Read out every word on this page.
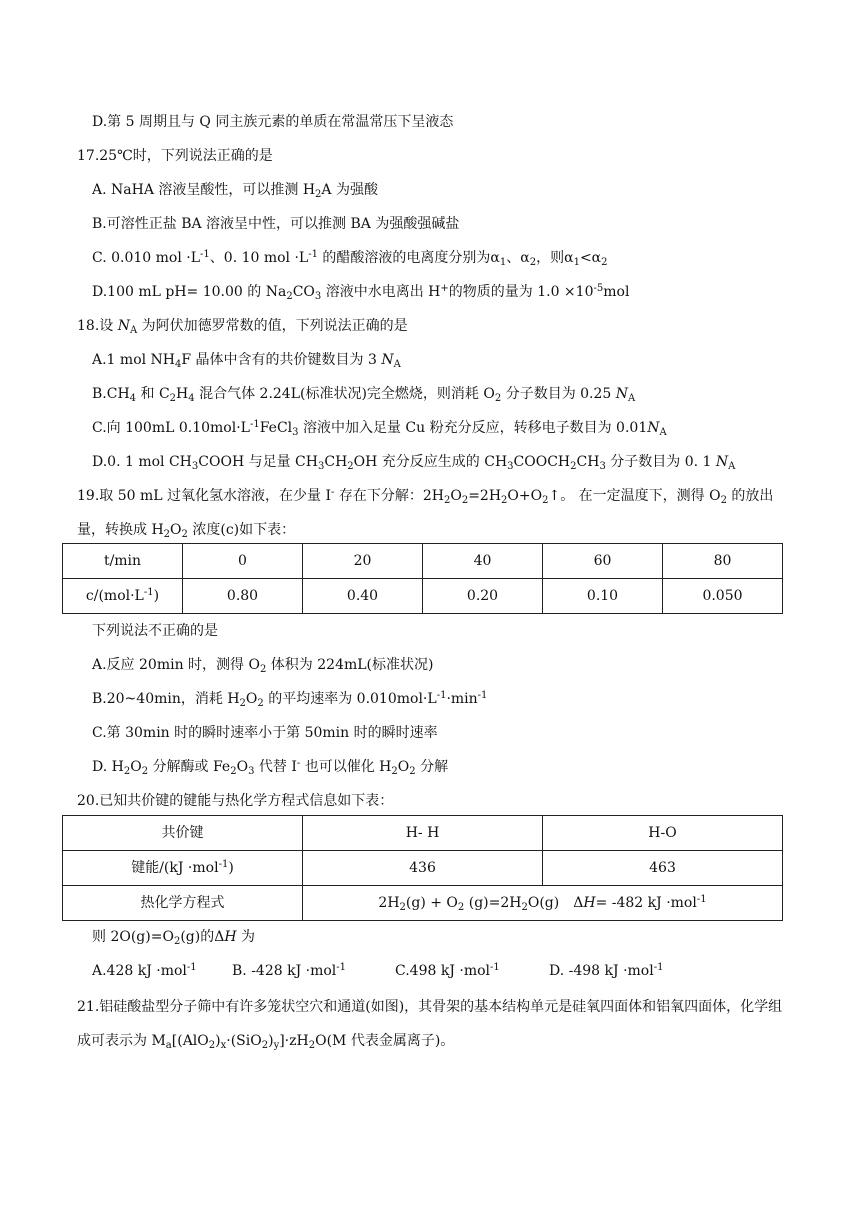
D.第 5 周期且与 Q 同主族元素的单质在常温常压下呈液态
17.25℃时，下列说法正确的是
A. NaHA 溶液呈酸性，可以推测 $H_2A$ 为强酸
B.可溶性正盐 BA 溶液呈中性，可以推测 BA 为强酸强碱盐
C. 0.010 mol $\cdot L^{-1}$、0. 10 mol $\cdot L^{-1}$ 的醋酸溶液的电离度分别为$\alpha_1$、$\alpha_2$，则$\alpha_1<\alpha_2$
D.100 mL pH= 10.00 的 $Na_2CO_3$ 溶液中水电离出 H+的物质的量为 $1.0 \times 10^{-5}mol$
18.设 $N_A$ 为阿伏加德罗常数的值，下列说法正确的是
A.1 mol $NH_4F$ 晶体中含有的共价键数目为 3 $N_A$
$B.CH_4$ 和 $C_2H_4$ 混合气体 2.24L(标准状况)完全燃烧，则消耗 $O_2$ 分子数目为 0.25 $N_A$
C.向 100mL $0.10mol\cdot L^{-1}FeCl_3$ 溶液中加入足量 Cu 粉充分反应，转移电子数目为 $0.01N_A$
D.0. 1 mol $CH_3COOH$ 与足量 $CH_3CH_2OH$ 充分反应生成的 $CH_3COOCH_2CH_3$ 分子数目为 0. 1 $N_A$
19.取 50 mL 过氧化氢水溶液，在少量 I- 存在下分解：$2H_2O_2=2H_2O+O_2↑$。 在一定温度下，测得 $O_2$ 的放出量，转换成 $H_2O_2$ 浓度(c)如下表：
t/min	0	20	40	60	80
$c/(mol\cdot L^{-1})$	0.80	0.40	0.20	0.10	0.050
下列说法不正确的是
A.反应 20min 时，测得 $O_2$ 体积为 224mL(标准状况)
B.20~40min，消耗 $H_2O_2$ 的平均速率为 $0.010mol\cdot L^{-1}\cdot\min^{-1}$
C.第 30min 时的瞬时速率小于第 50min 时的瞬时速率
D. $H_2O_2$ 分解酶或 $Fe_2O_3$ 代替 I- 也可以催化 $H_2O_2$ 分解
20.已知共价键的键能与热化学方程式信息如下表：
共价键	H- H	H-O
键能/(kJ ·mol$^{-1}$)	436	463
热化学方程式	$2H_2(g) + O_2$ $(g)=2H_2O(g)$ ΔH= -482 kJ ·mol$^{-1}$
则 $2O(g)=O_2(g)$的ΔH 为
A.428 kJ ·mol$^{-1}$	B. -428 kJ ·mol$^{-1}$	C.498 kJ ·mol$^{-1}$	D. -498 kJ ·mol$^{-1}$
21.铝硅酸盐型分子筛中有许多笼状空穴和通道(如图)，其骨架的基本结构单元是硅氧四面体和铝氧四面体，化学组成可表示为 $M_a[(AlO_2)_x\cdot(SiO_2)_y]\cdot zH_2O(M$ 代表金属离子)。
